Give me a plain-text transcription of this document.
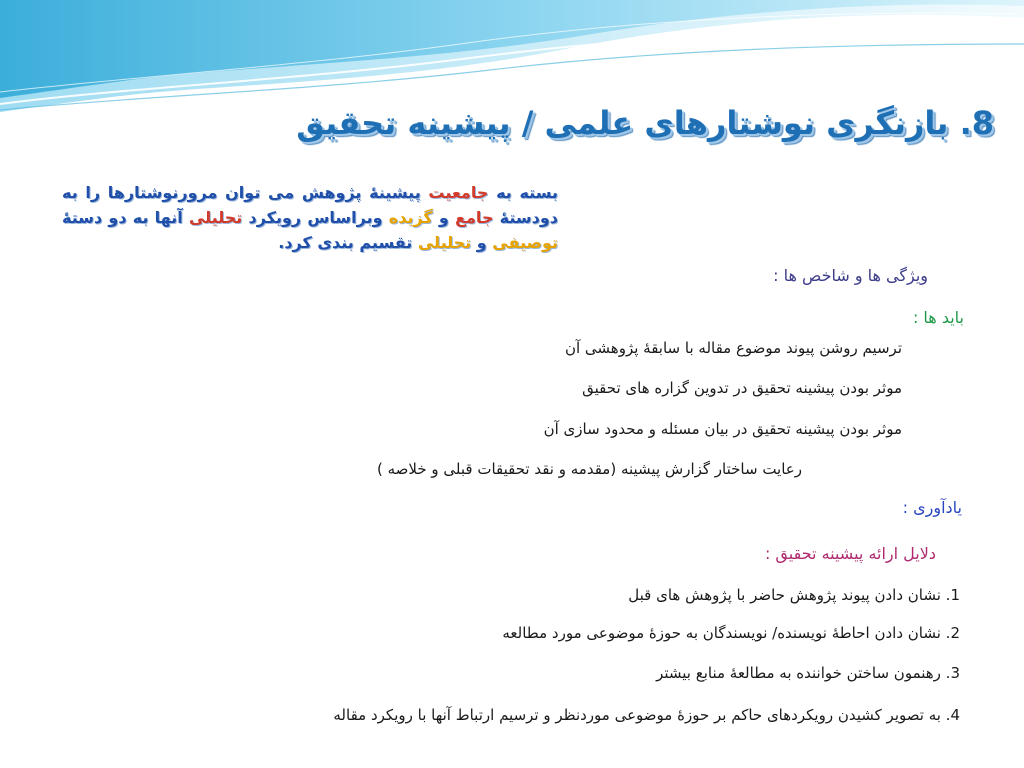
8. بازنگری نوشتارهای علمی / پیشینه تحقیق
بسته به جامعیت پیشینهٔ پژوهش می توان مرورنوشتارها را به دودستهٔ جامع و گزیده وبراساس رویکرد تحلیلی آنها به دو دستهٔ توصیفی و تحلیلی تقسیم بندی کرد.
ویژگی ها و شاخص ها :
باید ها :
ترسیم روشن پیوند موضوع مقاله با سابقهٔ پژوهشی آن
موثر بودن پیشینه تحقیق در تدوین گزاره های تحقیق
موثر بودن پیشینه تحقیق در بیان مسئله و محدود سازی آن
رعایت ساختار گزارش پیشینه (مقدمه و نقد تحقیقات قبلی و خلاصه )
یادآوری :
دلایل ارائه پیشینه تحقیق :
1. نشان دادن پیوند پژوهش حاضر با پژوهش های قبل
2. نشان دادن احاطهٔ نویسنده/ نویسندگان به حوزهٔ موضوعی مورد مطالعه
3. رهنمون ساختن خواننده به مطالعهٔ منابع بیشتر
4. به تصویر کشیدن رویکردهای حاکم بر حوزهٔ موضوعی موردنظر و ترسیم ارتباط آنها با رویکرد مقاله
